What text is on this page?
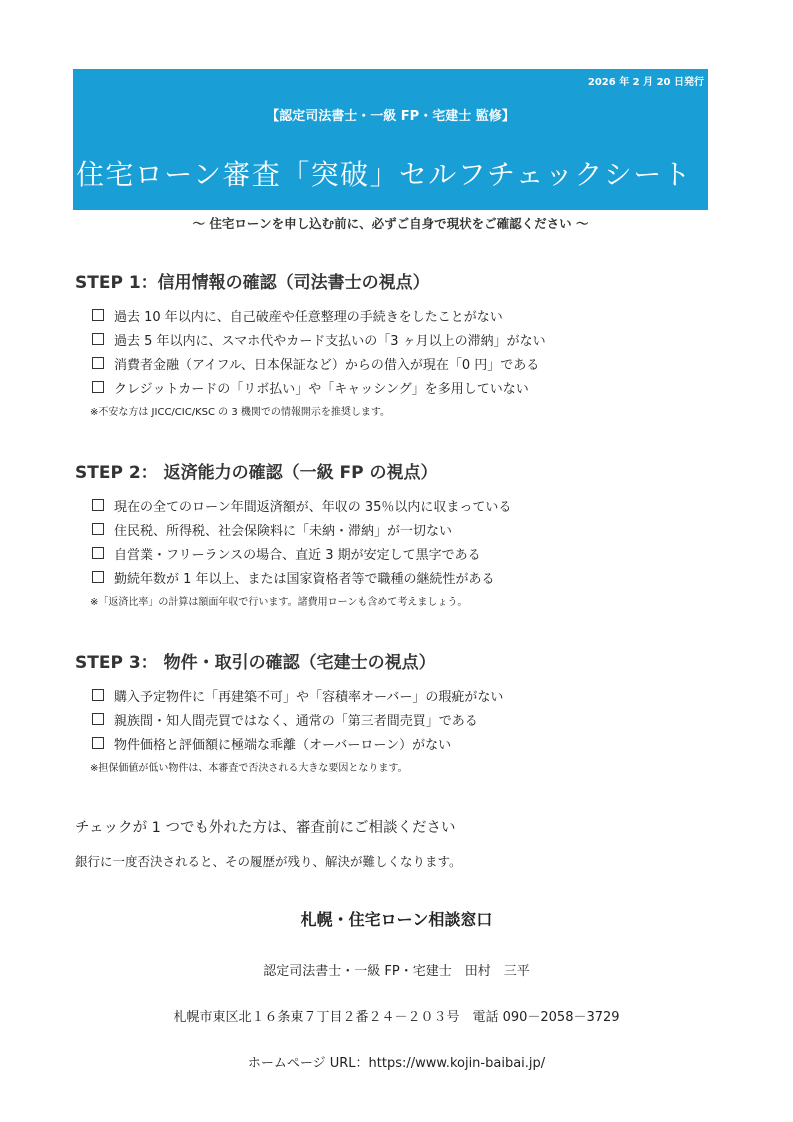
2026 年 2 月 20 日発行
【認定司法書士・一級 FP・宅建士 監修】
住宅ローン審査「突破」セルフチェックシート
〜 住宅ローンを申し込む前に、必ずご自身で現状をご確認ください 〜
STEP 1：信用情報の確認（司法書士の視点）
過去 10 年以内に、自己破産や任意整理の手続きをしたことがない
過去 5 年以内に、スマホ代やカード支払いの「3 ヶ月以上の滞納」がない
消費者金融（アイフル、日本保証など）からの借入が現在「0 円」である
クレジットカードの「リボ払い」や「キャッシング」を多用していない
※不安な方は JICC/CIC/KSC の 3 機関での情報開示を推奨します。
STEP 2： 返済能力の確認（一級 FP の視点）
現在の全てのローン年間返済額が、年収の 35％以内に収まっている
住民税、所得税、社会保険料に「未納・滞納」が一切ない
自営業・フリーランスの場合、直近 3 期が安定して黒字である
勤続年数が 1 年以上、または国家資格者等で職種の継続性がある
※「返済比率」の計算は額面年収で行います。諸費用ローンも含めて考えましょう。
STEP 3： 物件・取引の確認（宅建士の視点）
購入予定物件に「再建築不可」や「容積率オーバー」の瑕疵がない
親族間・知人間売買ではなく、通常の「第三者間売買」である
物件価格と評価額に極端な乖離（オーバーローン）がない
※担保価値が低い物件は、本審査で否決される大きな要因となります。
チェックが 1 つでも外れた方は、審査前にご相談ください
銀行に一度否決されると、その履歴が残り、解決が難しくなります。
札幌・住宅ローン相談窓口
認定司法書士・一級 FP・宅建士　田村　三平
札幌市東区北１６条東７丁目２番２４－２０３号　電話 090－2058－3729
ホームページ URL：https://www.kojin-baibai.jp/
